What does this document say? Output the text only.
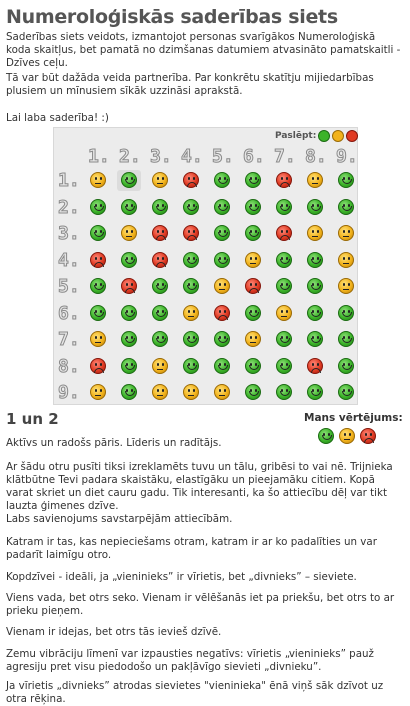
Numeroloģiskās saderības siets
Saderības siets veidots, izmantojot personas svarīgākos Numeroloģiskā koda skaitļus, bet pamatā no dzimšanas datumiem atvasināto pamatskaitli - Dzīves ceļu.
Tā var būt dažāda veida partnerība. Par konkrētu skatītju mijiedarbības plusiem un mīnusiem sīkāk uzzināsi aprakstā.
Lai laba saderība! :)
Paslēpt:
1.
1.
2.
2.
3.
3.
4.
4.
5.
5.
6.
6.
7.
7.
8.
8.
9.
9.
1 un 2	Mans vērtējums:
Aktīvs un radošs pāris. Līderis un radītājs.
Ar šādu otru pusīti tiksi izreklamēts tuvu un tālu, gribēsi to vai nē. Trijnieka klātbūtne Tevi padara skaistāku, elastīgāku un pieejamāku citiem. Kopā varat skriet un diet cauru gadu. Tik interesanti, ka šo attiecību dēļ var tikt lauzta ģimenes dzīve.
Labs savienojums savstarpējām attiecībām.
Katram ir tas, kas nepieciešams otram, katram ir ar ko padalīties un var padarīt laimīgu otro.
Kopdzīvei - ideāli, ja „vieninieks” ir vīrietis, bet „divnieks” – sieviete.
Viens vada, bet otrs seko. Vienam ir vēlēšanās iet pa priekšu, bet otrs to ar prieku pieņem.
Vienam ir idejas, bet otrs tās ievieš dzīvē.
Zemu vibrāciju līmenī var izpausties negatīvs: vīrietis „vieninieks” pauž agresiju pret visu piedodošo un pakļāvīgo sievieti „divnieku”.
Ja vīrietis „divnieks” atrodas sievietes "vieninieka" ēnā viņš sāk dzīvot uz otra rēķina.
